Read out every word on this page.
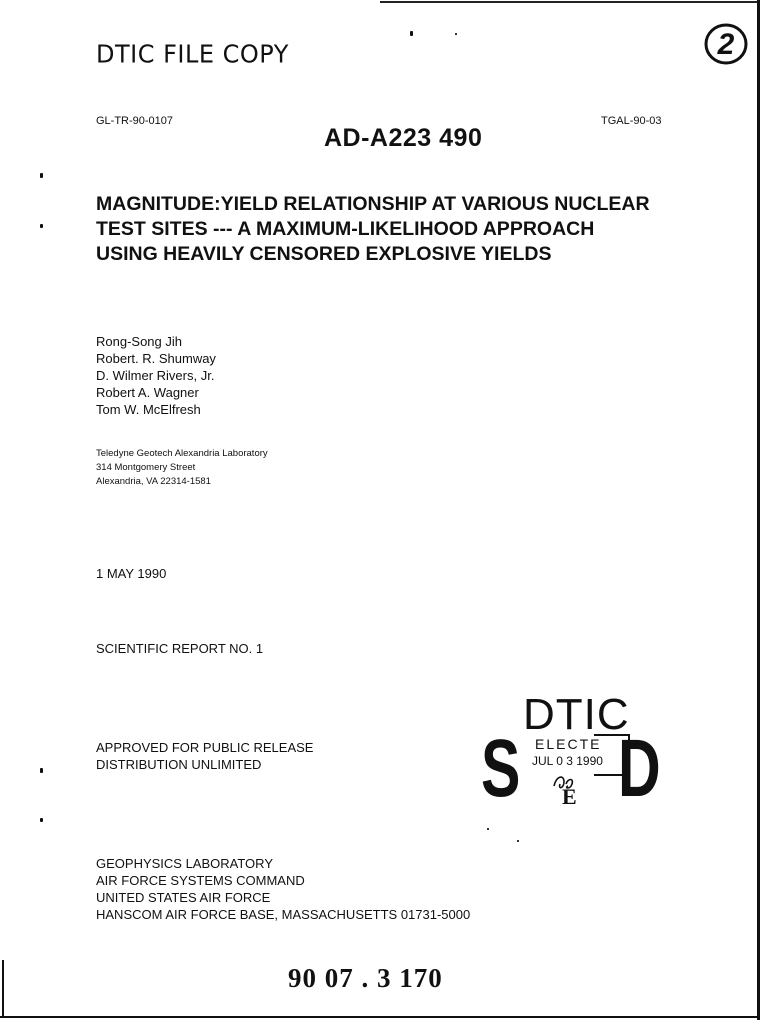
DTIC FILE COPY	2
GL-TR-90-0107	TGAL-90-03
AD-A223 490
MAGNITUDE:YIELD RELATIONSHIP AT VARIOUS NUCLEAR
TEST SITES --- A MAXIMUM-LIKELIHOOD APPROACH
USING HEAVILY CENSORED EXPLOSIVE YIELDS
Rong-Song Jih
Robert. R. Shumway
D. Wilmer Rivers, Jr.
Robert A. Wagner
Tom W. McElfresh
Teledyne Geotech Alexandria Laboratory
314 Montgomery Street
Alexandria, VA 22314-1581
1 MAY 1990
SCIENTIFIC REPORT NO. 1
APPROVED FOR PUBLIC RELEASE
DISTRIBUTION UNLIMITED
DTIC
S ELECTE
JUL 0 3 1990 D
E
GEOPHYSICS LABORATORY
AIR FORCE SYSTEMS COMMAND
UNITED STATES AIR FORCE
HANSCOM AIR FORCE BASE, MASSACHUSETTS 01731-5000
90 07 . 3 170
